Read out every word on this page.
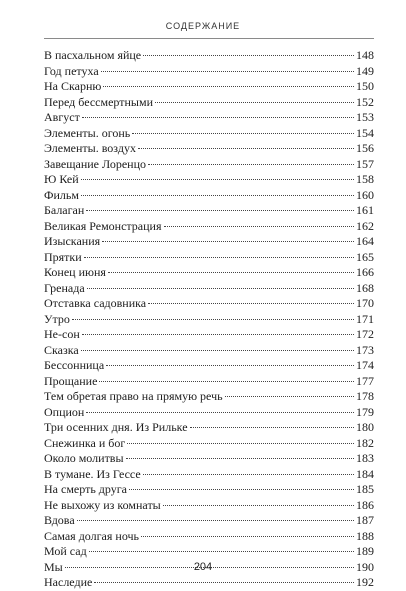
СОДЕРЖАНИЕ
В пасхальном яйце	148
Год петуха	149
На Скарню	150
Перед бессмертными	152
Август	153
Элементы. огонь	154
Элементы. воздух	156
Завещание Лоренцо	157
Ю Кей	158
Фильм	160
Балаган	161
Великая Ремонстрация	162
Изыскания	164
Прятки	165
Конец июня	166
Гренада	168
Отставка садовника	170
Утро	171
Не-сон	172
Сказка	173
Бессонница	174
Прощание	177
Тем обретая право на прямую речь	178
Опцион	179
Три осенних дня. Из Рильке	180
Снежинка и бог	182
Около молитвы	183
В тумане. Из Гессе	184
На смерть друга	185
Не выхожу из комнаты	186
Вдова	187
Самая долгая ночь	188
Мой сад	189
Мы	190
Наследие	192
204
